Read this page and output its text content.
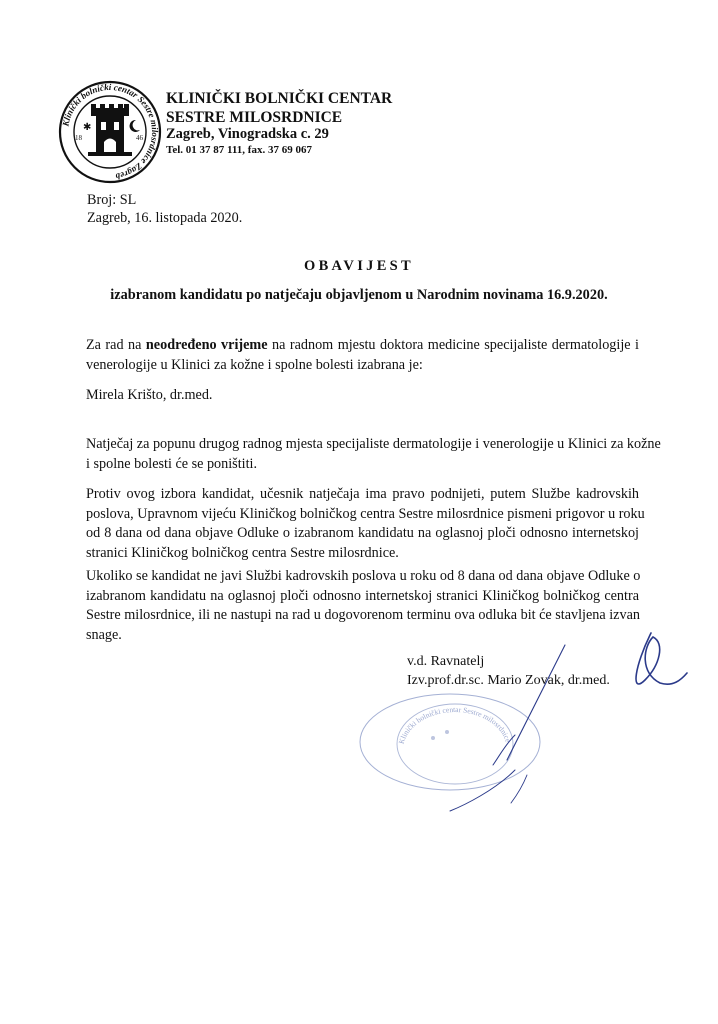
✱
18	46
Klinički bolnički centar Sestre milosrdnice Zagreb
KLINIČKI BOLNIČKI CENTAR
SESTRE MILOSRDNICE
Zagreb, Vinogradska c. 29
Tel. 01 37 87 111, fax. 37 69 067
Broj: SL
Zagreb, 16. listopada 2020.
OBAVIJEST
izabranom kandidatu po natječaju objavljenom u Narodnim novinama 16.9.2020.
Za rad na neodređeno vrijeme na radnom mjestu doktora medicine specijaliste dermatologije i
venerologije u Klinici za kožne i spolne bolesti izabrana je:
Mirela Krišto, dr.med.
Natječaj za popunu drugog radnog mjesta specijaliste dermatologije i venerologije u Klinici za kožne
i spolne bolesti će se poništiti.
Protiv ovog izbora kandidat, učesnik natječaja ima pravo podnijeti, putem Službe kadrovskih
poslova, Upravnom vijeću Kliničkog bolničkog centra Sestre milosrdnice pismeni prigovor u roku
od 8 dana od dana objave Odluke o izabranom kandidatu na oglasnoj ploči odnosno internetskoj
stranici Kliničkog bolničkog centra Sestre milosrdnice.
Ukoliko se kandidat ne javi Službi kadrovskih poslova u roku od 8 dana od dana objave Odluke o
izabranom kandidatu na oglasnoj ploči odnosno internetskoj stranici Kliničkog bolničkog centra
Sestre milosrdnice, ili ne nastupi na rad u dogovorenom terminu ova odluka bit će stavljena izvan
snage.
v.d. Ravnatelj
Izv.prof.dr.sc. Mario Zovak, dr.med.
Klinički bolnički centar Sestre milosrdnice
